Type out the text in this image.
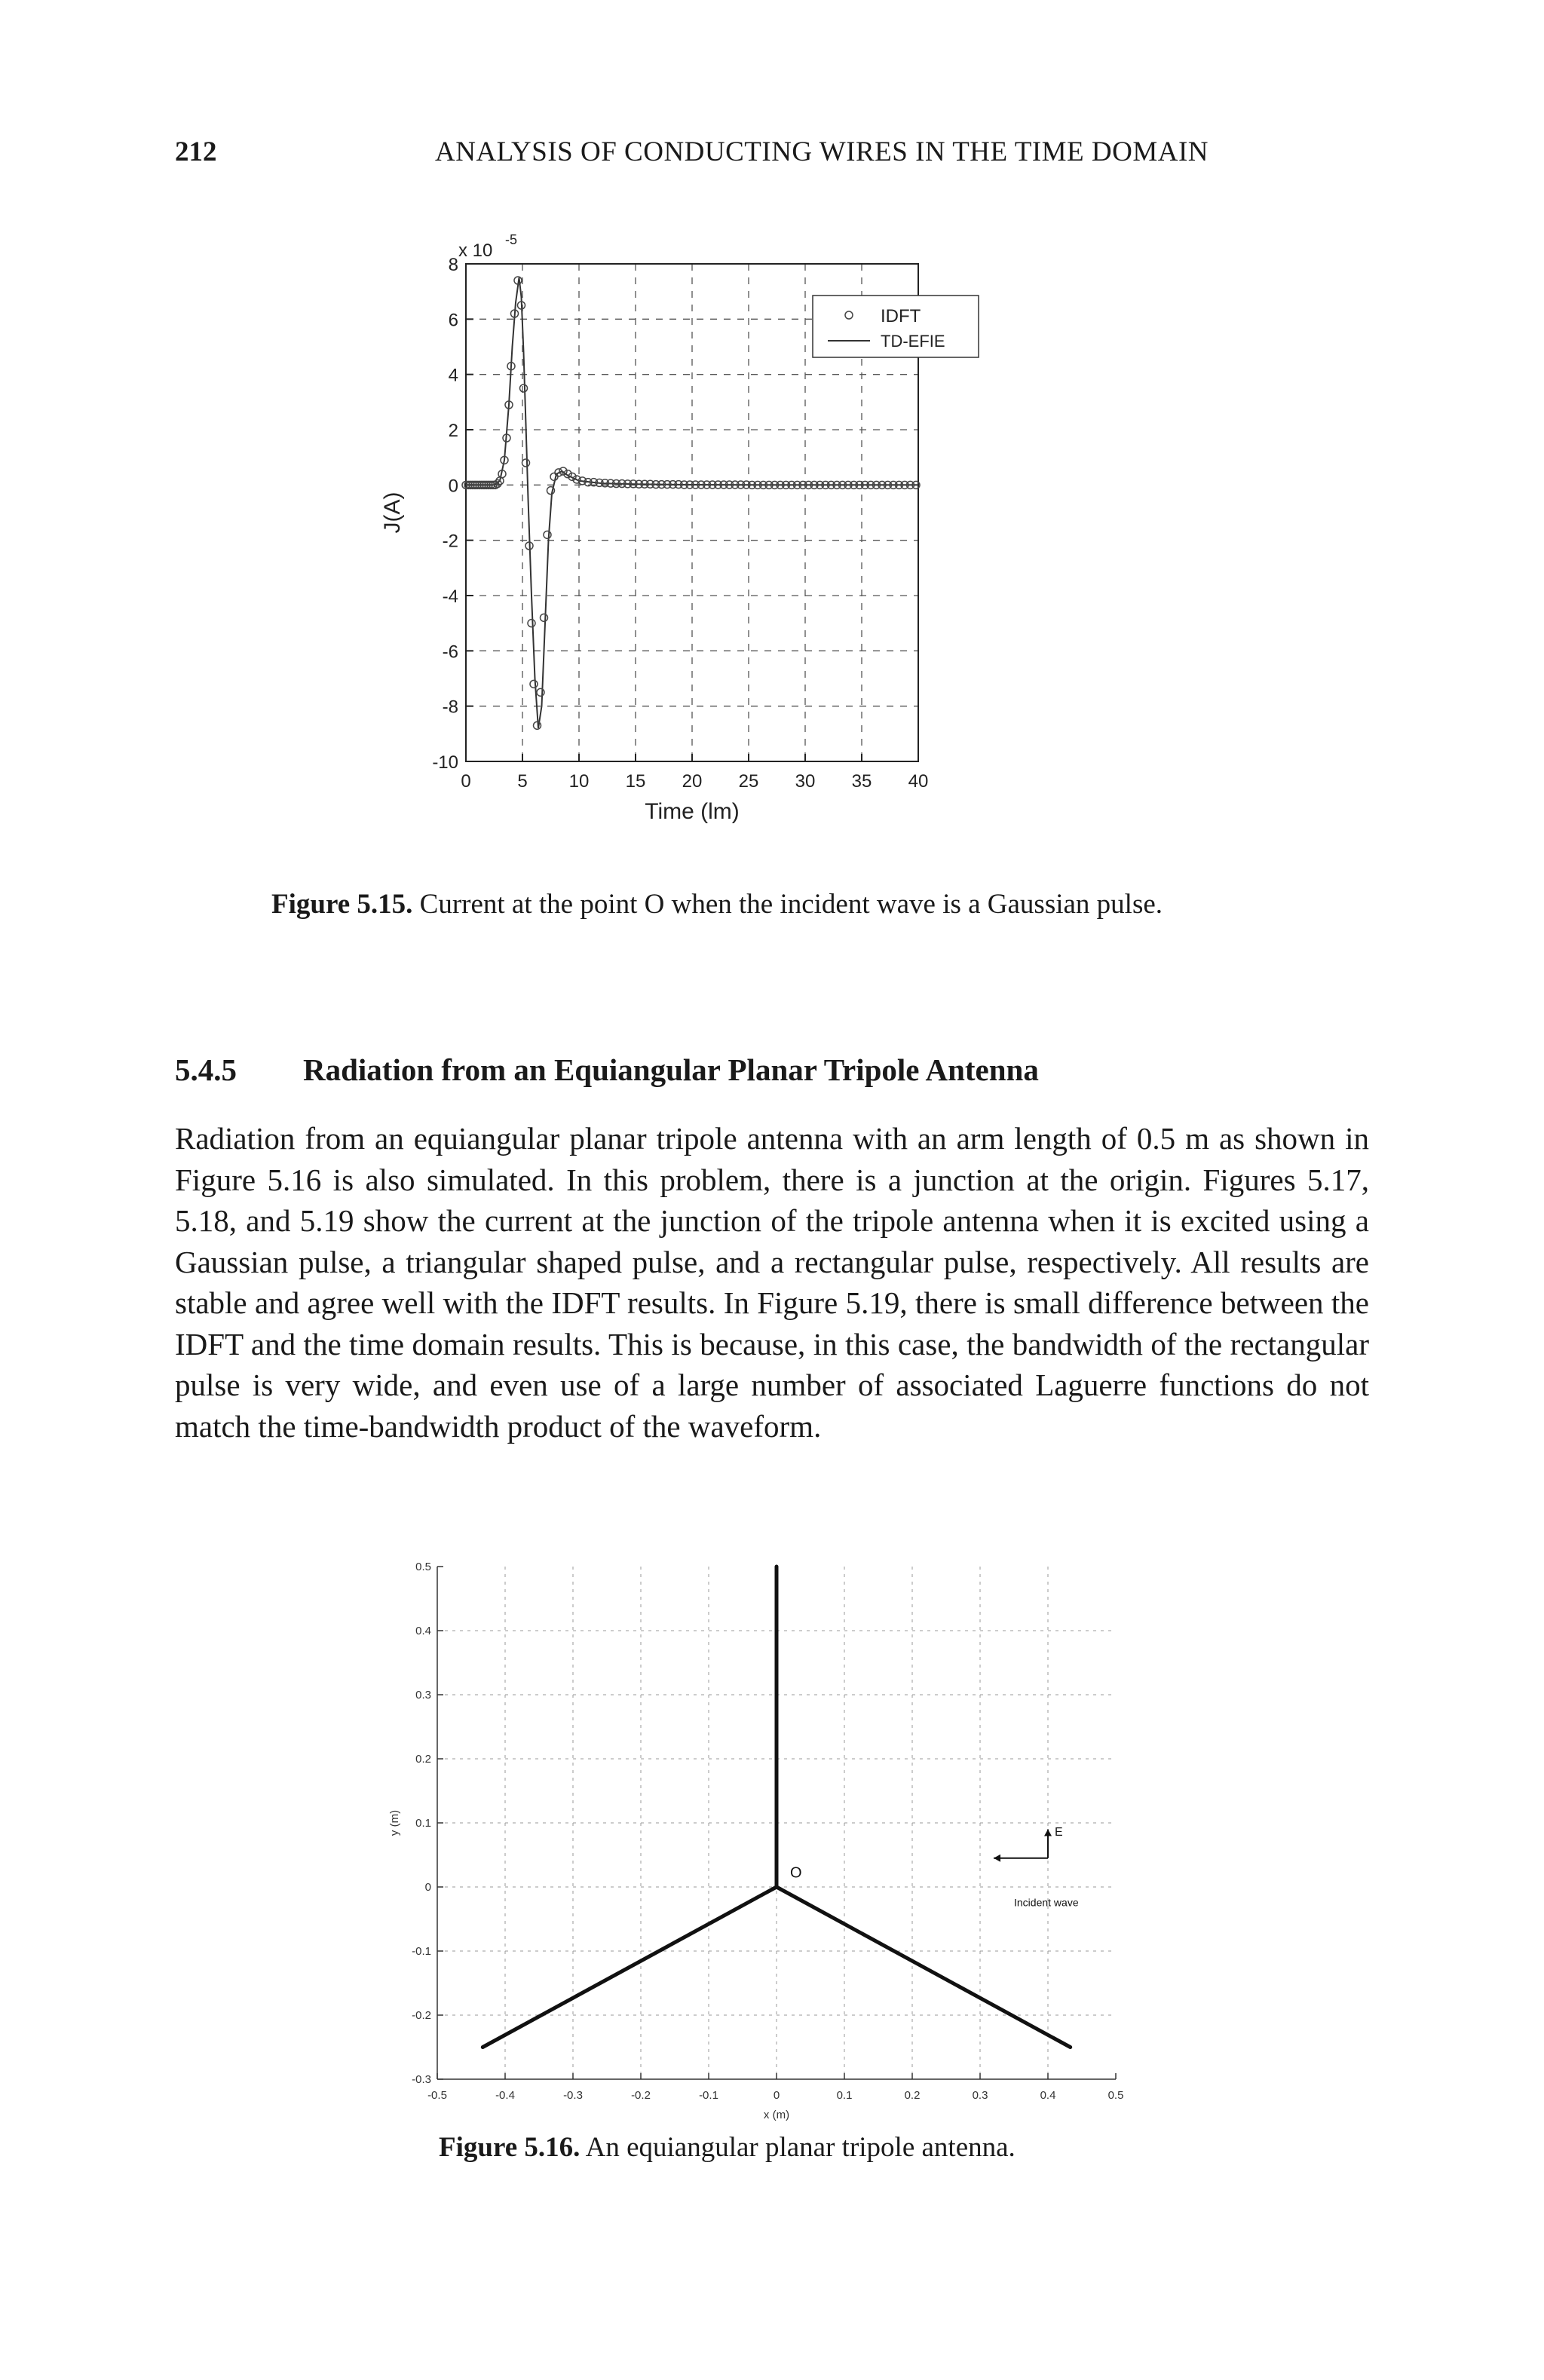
212	ANALYSIS OF CONDUCTING WIRES IN THE TIME DOMAIN
0	5 10 15 20 25 30 35 40
8
6
4
2
0
-2
-4
-6
-8
-10
x 10
-5
Time (lm)
J(A)
IDFT
TD-EFIE
Figure 5.15. Current at the point O when the incident wave is a Gaussian pulse.
5.4.5 Radiation from an Equiangular Planar Tripole Antenna
Radiation from an equiangular planar tripole antenna with an arm length of 0.5 m as shown in Figure 5.16 is also simulated. In this problem, there is a junction at the origin. Figures 5.17, 5.18, and 5.19 show the current at the junction of the tripole antenna when it is excited using a Gaussian pulse, a triangular shaped pulse, and a rectangular pulse, respectively. All results are stable and agree well with the IDFT results. In Figure 5.19, there is small difference between the IDFT and the time domain results. This is because, in this case, the bandwidth of the rectangular pulse is very wide, and even use of a large number of associated Laguerre functions do not match the time-bandwidth product of the waveform.
-0.5	-0.4	-0.3	-0.2	-0.1	0	0.1	0.2	0.3	0.4	0.5
-0.3
-0.2
-0.1
0
0.1
0.2
0.3
0.4
0.5
x (m)
y (m)
O
E
Incident wave
Figure 5.16. An equiangular planar tripole antenna.
